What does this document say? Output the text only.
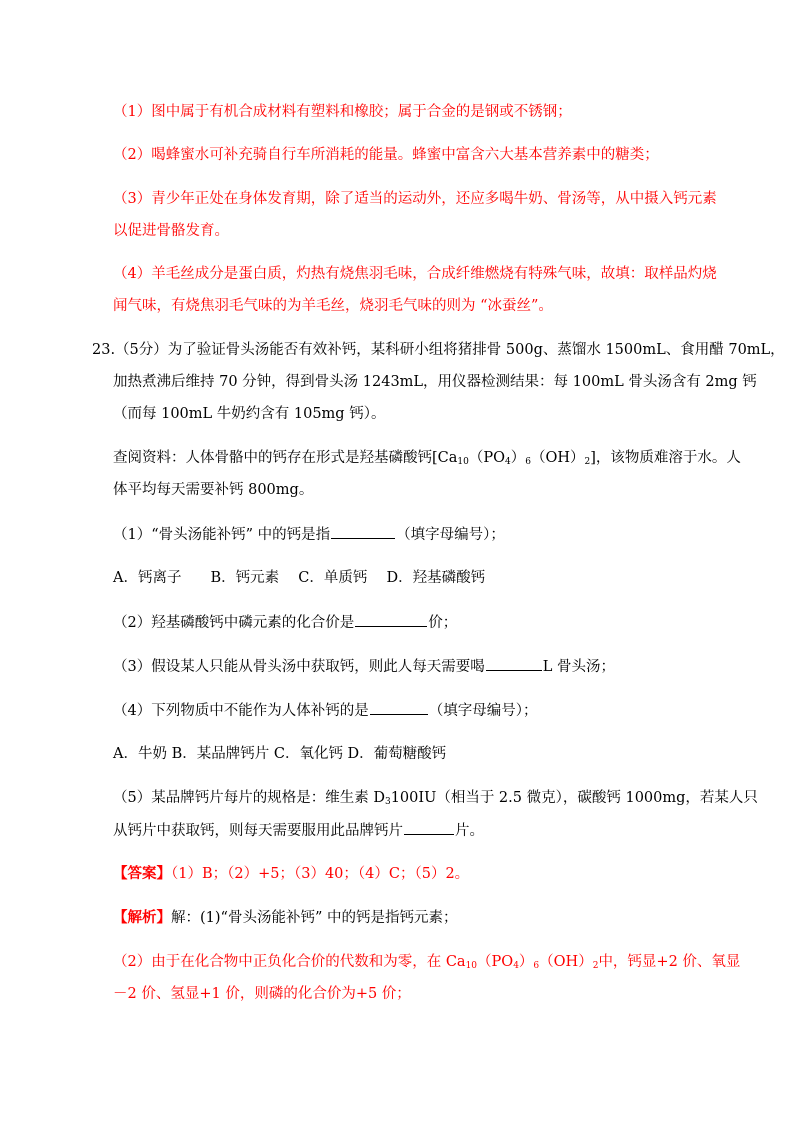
（1）图中属于有机合成材料有塑料和橡胶；属于合金的是钢或不锈钢；
（2）喝蜂蜜水可补充骑自行车所消耗的能量。蜂蜜中富含六大基本营养素中的糖类；
（3）青少年正处在身体发育期，除了适当的运动外，还应多喝牛奶、骨汤等，从中摄入钙元素
以促进骨骼发育。
（4）羊毛丝成分是蛋白质，灼热有烧焦羽毛味，合成纤维燃烧有特殊气味，故填：取样品灼烧
闻气味，有烧焦羽毛气味的为羊毛丝，烧羽毛气味的则为 “冰蚕丝”。
23.（5分）为了验证骨头汤能否有效补钙，某科研小组将猪排骨 500g、蒸馏水 1500mL、食用醋 70mL，
加热煮沸后维持 70 分钟，得到骨头汤 1243mL，用仪器检测结果：每 100mL 骨头汤含有 2mg 钙
（而每 100mL 牛奶约含有 105mg 钙）。
查阅资料：人体骨骼中的钙存在形式是羟基磷酸钙$[Ca_{10}(PO_4)_6(OH)_2]$，该物质难溶于水。人
体平均每天需要补钙 800mg。
（1）“骨头汤能补钙” 中的钙是指	（填字母编号）；
A．钙离子　　B．钙元素　 C．单质钙　 D．羟基磷酸钙
（2）羟基磷酸钙中磷元素的化合价是	价；
（3）假设某人只能从骨头汤中获取钙，则此人每天需要喝	L 骨头汤；
（4）下列物质中不能作为人体补钙的是	（填字母编号）；
A．牛奶 B．某品牌钙片 C．氧化钙 D．葡萄糖酸钙
（5）某品牌钙片每片的规格是：维生素 $D_3100IU$（相当于 2.5 微克），碳酸钙 1000mg，若某人只
从钙片中获取钙，则每天需要服用此品牌钙片	片。
【答案】（1）B；（2）+5；（3）40；（4）C；（5）2。
【解析】解：(1)“骨头汤能补钙” 中的钙是指钙元素；
（2）由于在化合物中正负化合价的代数和为零，在 $Ca_{10}(PO_4)_6(OH)_2$中，钙显+2 价、氧显
－2 价、氢显+1 价，则磷的化合价为+5 价；
